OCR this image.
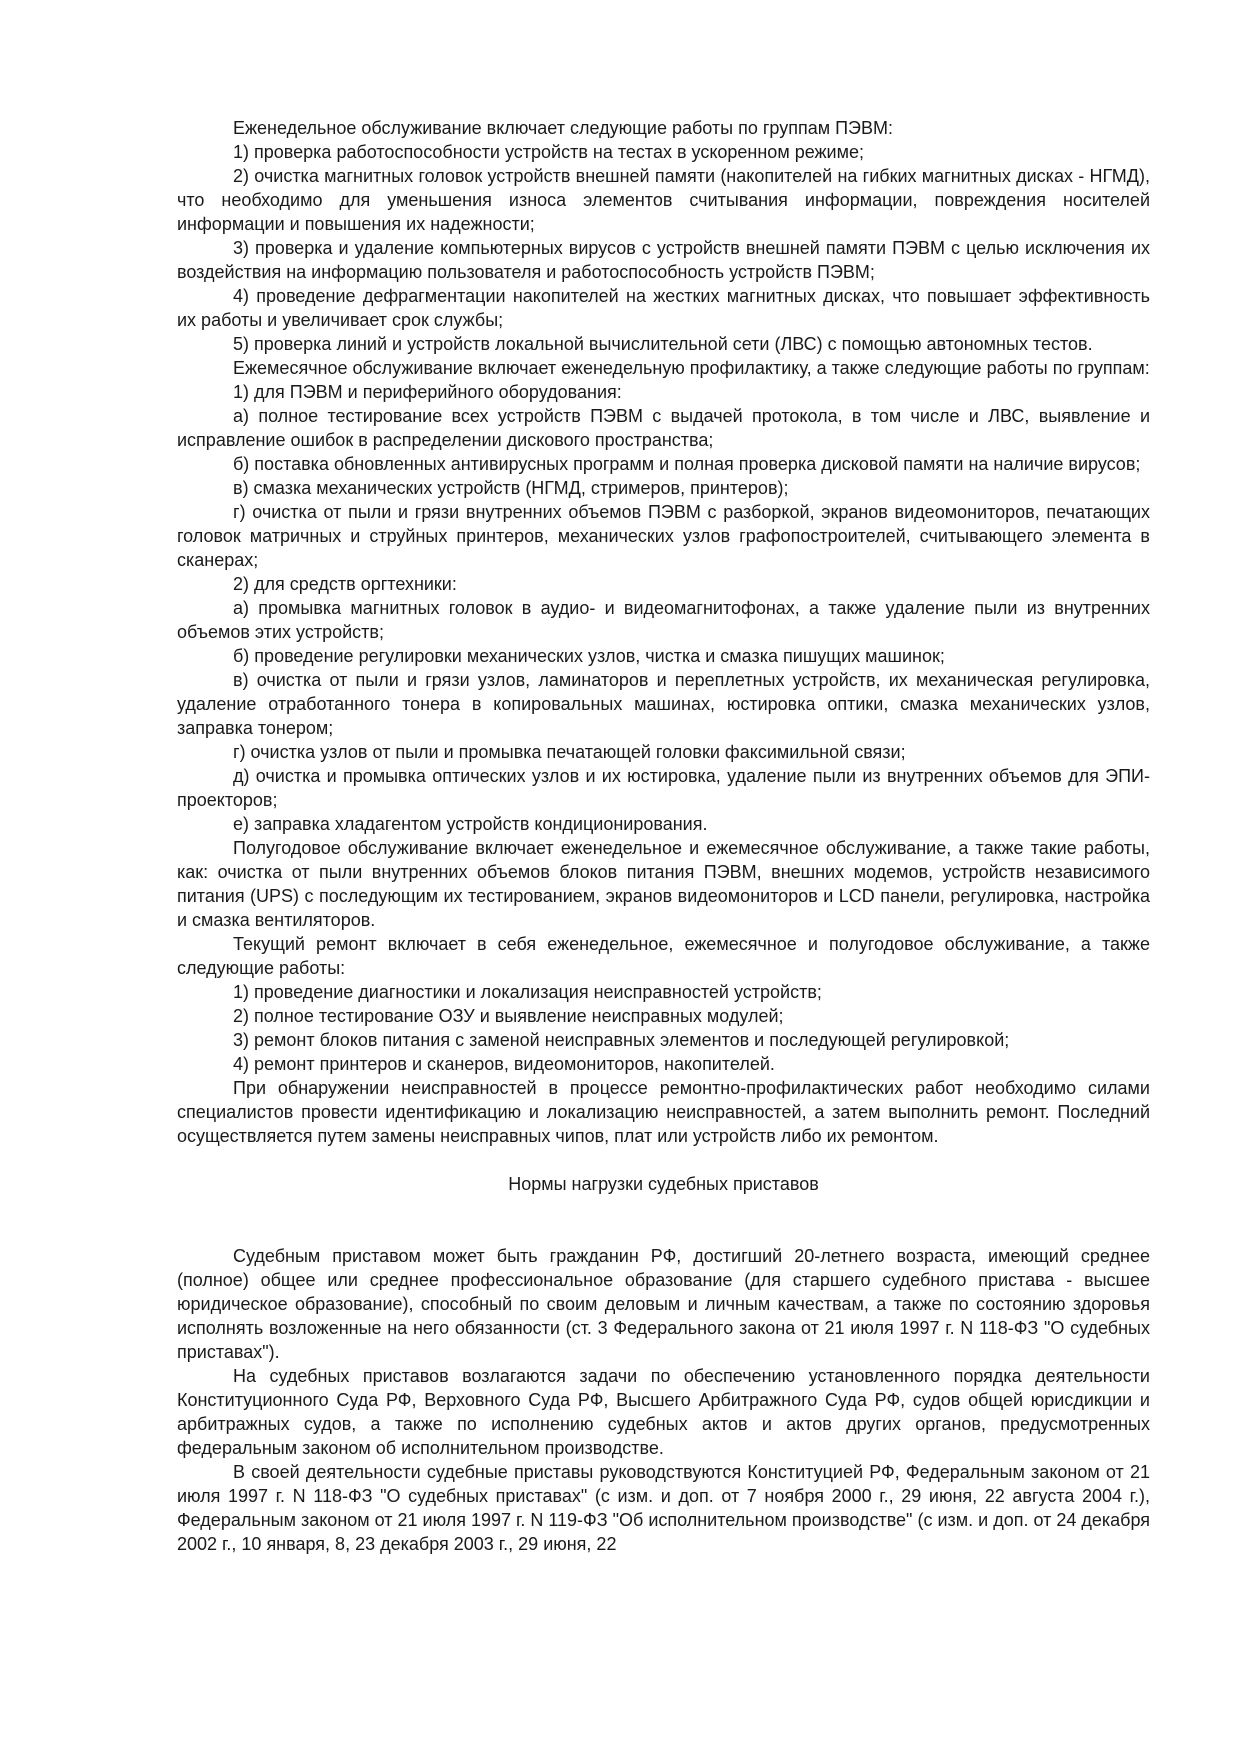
Еженедельное обслуживание включает следующие работы по группам ПЭВМ:

1) проверка работоспособности устройств на тестах в ускоренном режиме;

2) очистка магнитных головок устройств внешней памяти (накопителей на гибких магнитных дисках - НГМД), что необходимо для уменьшения износа элементов считывания информации, повреждения носителей информации и повышения их надежности;

3) проверка и удаление компьютерных вирусов с устройств внешней памяти ПЭВМ с целью исключения их воздействия на информацию пользователя и работоспособность устройств ПЭВМ;

4) проведение дефрагментации накопителей на жестких магнитных дисках, что повышает эффективность их работы и увеличивает срок службы;

5) проверка линий и устройств локальной вычислительной сети (ЛВС) с помощью автономных тестов.

Ежемесячное обслуживание включает еженедельную профилактику, а также следующие работы по группам:

1) для ПЭВМ и периферийного оборудования:

а) полное тестирование всех устройств ПЭВМ с выдачей протокола, в том числе и ЛВС, выявление и исправление ошибок в распределении дискового пространства;

б) поставка обновленных антивирусных программ и полная проверка дисковой памяти на наличие вирусов;

в) смазка механических устройств (НГМД, стримеров, принтеров);

г) очистка от пыли и грязи внутренних объемов ПЭВМ с разборкой, экранов видеомониторов, печатающих головок матричных и струйных принтеров, механических узлов графопостроителей, считывающего элемента в сканерах;

2) для средств оргтехники:

а) промывка магнитных головок в аудио- и видеомагнитофонах, а также удаление пыли из внутренних объемов этих устройств;

б) проведение регулировки механических узлов, чистка и смазка пишущих машинок;

в) очистка от пыли и грязи узлов, ламинаторов и переплетных устройств, их механическая регулировка, удаление отработанного тонера в копировальных машинах, юстировка оптики, смазка механических узлов, заправка тонером;

г) очистка узлов от пыли и промывка печатающей головки факсимильной связи;

д) очистка и промывка оптических узлов и их юстировка, удаление пыли из внутренних объемов для ЭПИ-проекторов;

е) заправка хладагентом устройств кондиционирования.

Полугодовое обслуживание включает еженедельное и ежемесячное обслуживание, а также такие работы, как: очистка от пыли внутренних объемов блоков питания ПЭВМ, внешних модемов, устройств независимого питания (UPS) с последующим их тестированием, экранов видеомониторов и LCD панели, регулировка, настройка и смазка вентиляторов.

Текущий ремонт включает в себя еженедельное, ежемесячное и полугодовое обслуживание, а также следующие работы:

1) проведение диагностики и локализация неисправностей устройств;

2) полное тестирование ОЗУ и выявление неисправных модулей;

3) ремонт блоков питания с заменой неисправных элементов и последующей регулировкой;

4) ремонт принтеров и сканеров, видеомониторов, накопителей.

При обнаружении неисправностей в процессе ремонтно-профилактических работ необходимо силами специалистов провести идентификацию и локализацию неисправностей, а затем выполнить ремонт. Последний осуществляется путем замены неисправных чипов, плат или устройств либо их ремонтом.

Нормы нагрузки судебных приставов

Судебным приставом может быть гражданин РФ, достигший 20-летнего возраста, имеющий среднее (полное) общее или среднее профессиональное образование (для старшего судебного пристава - высшее юридическое образование), способный по своим деловым и личным качествам, а также по состоянию здоровья исполнять возложенные на него обязанности (ст. 3 Федерального закона от 21 июля 1997 г. N 118-ФЗ "О судебных приставах").

На судебных приставов возлагаются задачи по обеспечению установленного порядка деятельности Конституционного Суда РФ, Верховного Суда РФ, Высшего Арбитражного Суда РФ, судов общей юрисдикции и арбитражных судов, а также по исполнению судебных актов и актов других органов, предусмотренных федеральным законом об исполнительном производстве.

В своей деятельности судебные приставы руководствуются Конституцией РФ, Федеральным законом от 21 июля 1997 г. N 118-ФЗ "О судебных приставах" (с изм. и доп. от 7 ноября 2000 г., 29 июня, 22 августа 2004 г.), Федеральным законом от 21 июля 1997 г. N 119-ФЗ "Об исполнительном производстве" (с изм. и доп. от 24 декабря 2002 г., 10 января, 8, 23 декабря 2003 г., 29 июня, 22
